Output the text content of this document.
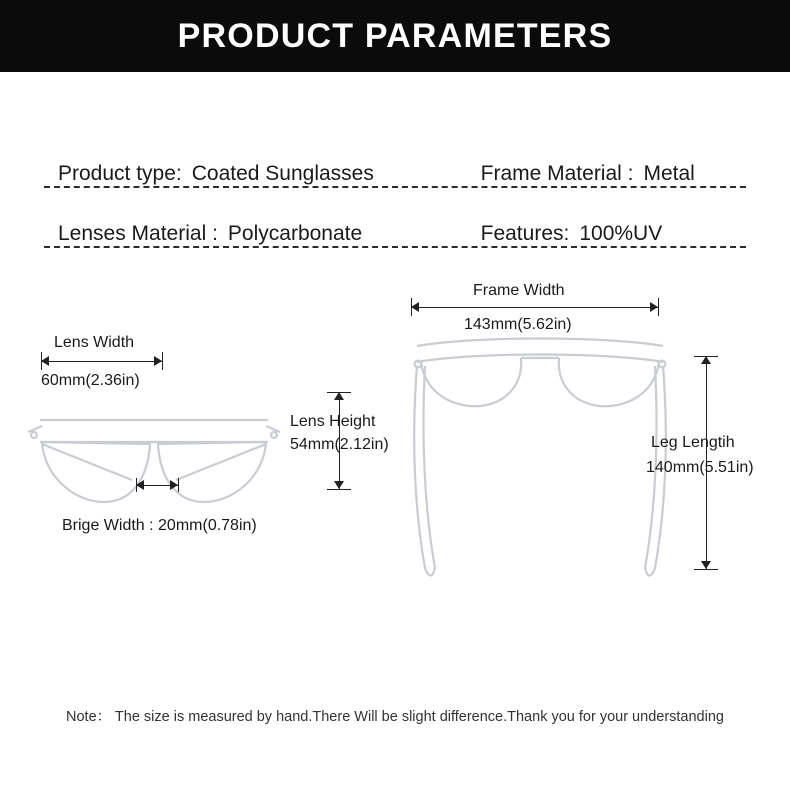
PRODUCT PARAMETERS
Product type: Coated Sunglasses	Frame Material : Metal
Lenses Material : Polycarbonate	Features: 100%UV
Lens Width
60mm(2.36in)
Lens Height
54mm(2.12in)
Brige Width : 20mm(0.78in)
Frame Width
143mm(5.62in)
Leg Lengtih
140mm(5.51in)
Note： The size is measured by hand.There Will be slight difference.Thank you for your understanding
